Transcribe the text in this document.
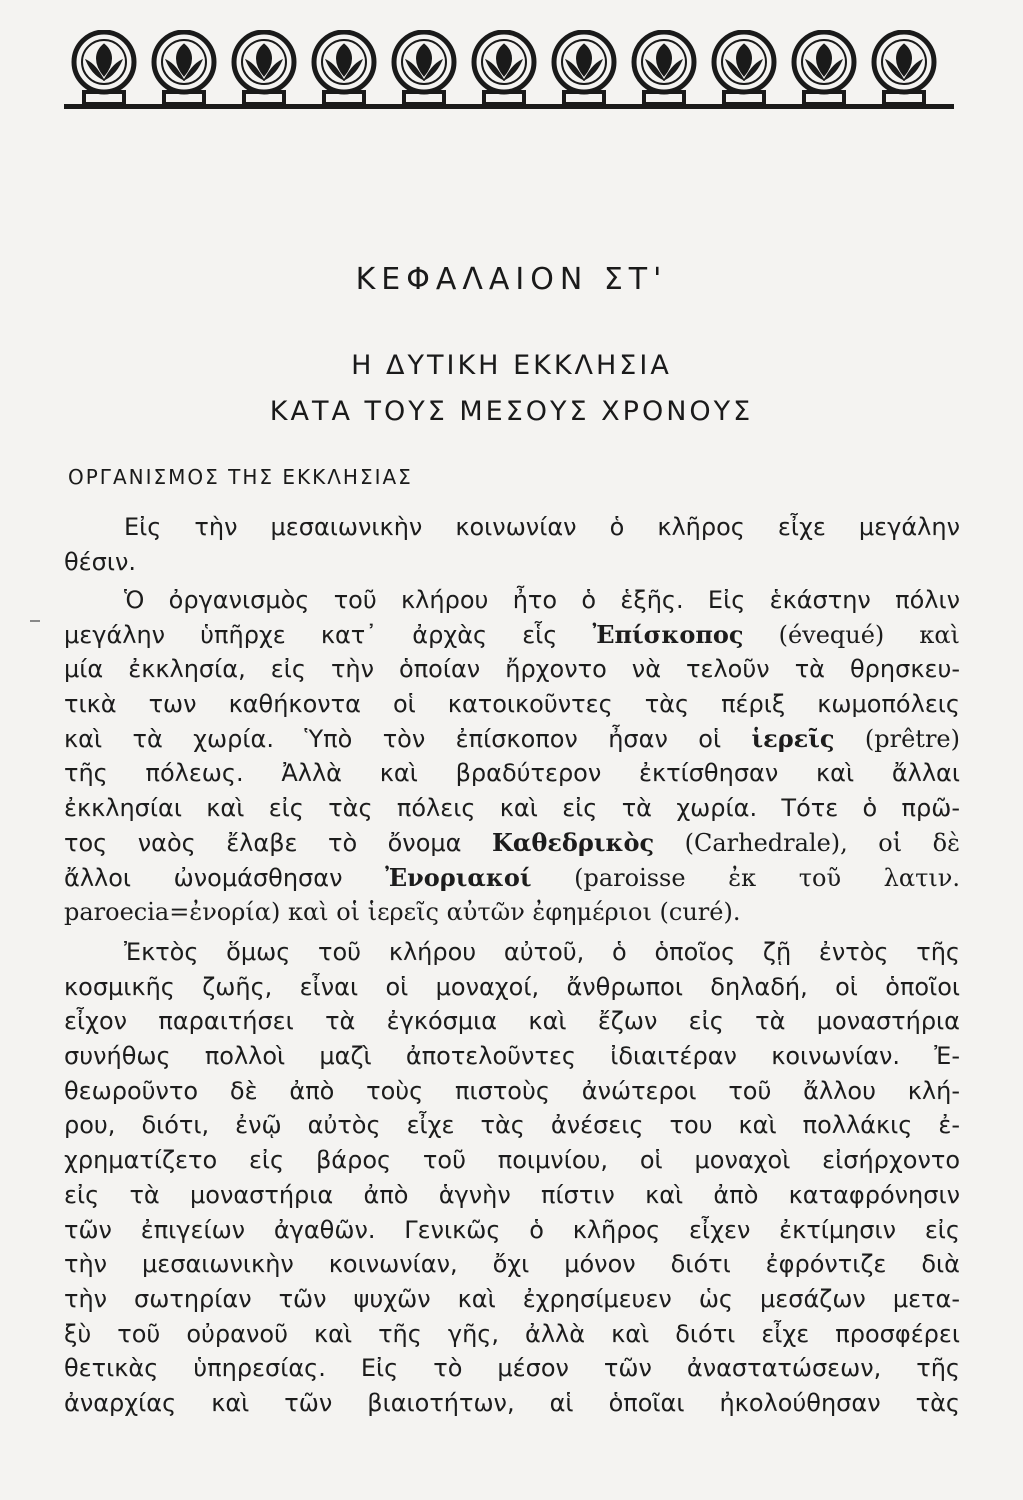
ΚΕΦΑΛΑΙΟΝ ΣΤ'
Η ΔΥΤΙΚΗ ΕΚΚΛΗΣΙΑ
ΚΑΤΑ ΤΟΥΣ ΜΕΣΟΥΣ ΧΡΟΝΟΥΣ
ΟΡΓΑΝΙΣΜΟΣ ΤΗΣ ΕΚΚΛΗΣΙΑΣ
Εἰς τὴν μεσαιωνικὴν κοινωνίαν ὁ κλῆρος εἶχε μεγάλην
θέσιν.
Ὁ ὀργανισμὸς τοῦ κλήρου ἦτο ὁ ἑξῆς. Εἰς ἑκάστην πόλιν
μεγάλην ὑπῆρχε κατ᾽ ἀρχὰς εἷς Ἐπίσκοπος (évequé) καὶ
μία ἐκκλησία, εἰς τὴν ὁποίαν ἤρχοντο νὰ τελοῦν τὰ θρησκευ-
τικὰ των καθήκοντα οἱ κατοικοῦντες τὰς πέριξ κωμοπόλεις
καὶ τὰ χωρία. Ὑπὸ τὸν ἐπίσκοπον ἦσαν οἱ ἱερεῖς (prêtre)
τῆς πόλεως. Ἀλλὰ καὶ βραδύτερον ἐκτίσθησαν καὶ ἄλλαι
ἐκκλησίαι καὶ εἰς τὰς πόλεις καὶ εἰς τὰ χωρία. Τότε ὁ πρῶ-
τος ναὸς ἔλαβε τὸ ὄνομα Καθεδρικὸς (Carhedrale), οἱ δὲ
ἄλλοι ὠνομάσθησαν Ἐνοριακοί (paroisse ἐκ τοῦ λατιν.
paroecia=ἐνορία) καὶ οἱ ἱερεῖς αὐτῶν ἐφημέριοι (curé).
Ἐκτὸς ὅμως τοῦ κλήρου αὐτοῦ, ὁ ὁποῖος ζῇ ἐντὸς τῆς
κοσμικῆς ζωῆς, εἶναι οἱ μοναχοί, ἄνθρωποι δηλαδή, οἱ ὁποῖοι
εἶχον παραιτήσει τὰ ἐγκόσμια καὶ ἔζων εἰς τὰ μοναστήρια
συνήθως πολλοὶ μαζὶ ἀποτελοῦντες ἰδιαιτέραν κοινωνίαν. Ἐ-
θεωροῦντο δὲ ἀπὸ τοὺς πιστοὺς ἀνώτεροι τοῦ ἄλλου κλή-
ρου, διότι, ἐνῷ αὐτὸς εἶχε τὰς ἀνέσεις του καὶ πολλάκις ἐ-
χρηματίζετο εἰς βάρος τοῦ ποιμνίου, οἱ μοναχοὶ εἰσήρχοντο
εἰς τὰ μοναστήρια ἀπὸ ἁγνὴν πίστιν καὶ ἀπὸ καταφρόνησιν
τῶν ἐπιγείων ἀγαθῶν. Γενικῶς ὁ κλῆρος εἶχεν ἐκτίμησιν εἰς
τὴν μεσαιωνικὴν κοινωνίαν, ὄχι μόνον διότι ἐφρόντιζε διὰ
τὴν σωτηρίαν τῶν ψυχῶν καὶ ἐχρησίμευεν ὡς μεσάζων μετα-
ξὺ τοῦ οὐρανοῦ καὶ τῆς γῆς, ἀλλὰ καὶ διότι εἶχε προσφέρει
θετικὰς ὑπηρεσίας. Εἰς τὸ μέσον τῶν ἀναστατώσεων, τῆς
ἀναρχίας καὶ τῶν βιαιοτήτων, αἱ ὁποῖαι ἠκολούθησαν τὰς
